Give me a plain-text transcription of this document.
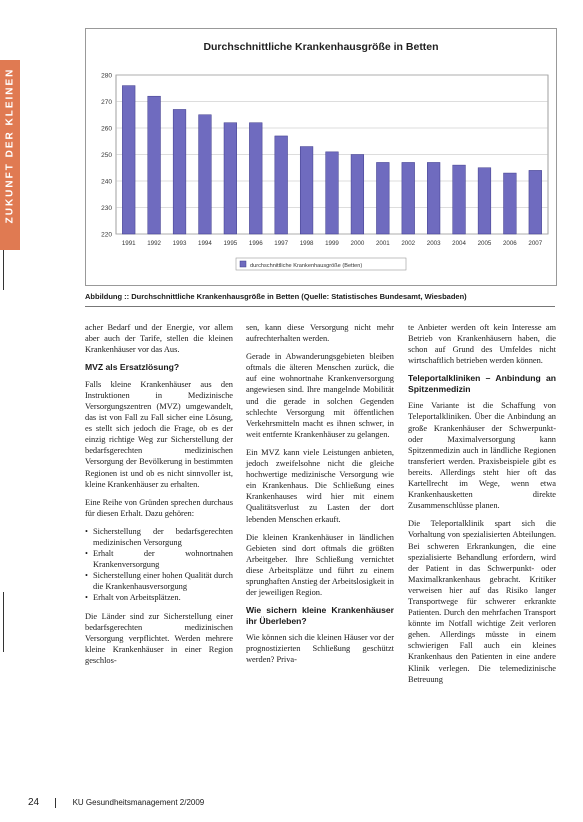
ZUKUNFT DER KLEINEN
Durchschnittliche Krankenhausgröße in Betten
220
230
240
250
260
270
280
1991 1992 1993 1994 1995 1996 1997 1998 1999 2000 2001 2002 2003 2004 2005 2006 2007
durchschnittliche Krankenhausgröße (Betten)
Abbildung :: Durchschnittliche Krankenhausgröße in Betten (Quelle: Statistisches Bundesamt, Wiesbaden)

acher Bedarf und der Energie, vor allem aber auch der Tarife, stellen die kleinen Krankenhäuser vor das Aus.

MVZ als Ersatzlösung?

Falls kleine Krankenhäuser aus den Instruktionen in Medizinische Versorgungszentren (MVZ) umgewandelt, das ist von Fall zu Fall sicher eine Lösung, es stellt sich jedoch die Frage, ob es der einzig richtige Weg zur Sicherstellung der bedarfsgerechten medizinischen Versorgung der Bevölkerung in bestimmten Regionen ist und ob es nicht sinnvoller ist, kleine Krankenhäuser zu erhalten.

Eine Reihe von Gründen sprechen durchaus für diesen Erhalt. Dazu gehören:

• Sicherstellung der bedarfsgerechten medizinischen Versorgung
• Erhalt der wohnortnahen Krankenversorgung
• Sicherstellung einer hohen Qualität durch die Krankenhausversorgung
• Erhalt von Arbeitsplätzen.

Die Länder sind zur Sicherstellung einer bedarfsgerechten medizinischen Versorgung verpflichtet. Werden mehrere kleine Krankenhäuser in einer Region geschlos-

sen, kann diese Versorgung nicht mehr aufrechterhalten werden.

Gerade in Abwanderungsgebieten bleiben oftmals die älteren Menschen zurück, die auf eine wohnortnahe Krankenversorgung angewiesen sind. Ihre mangelnde Mobilität und die gerade in solchen Gegenden schlechte Versorgung mit öffentlichen Verkehrsmitteln macht es ihnen schwer, in weit entfernte Krankenhäuser zu gelangen.

Ein MVZ kann viele Leistungen anbieten, jedoch zweifelsohne nicht die gleiche hochwertige medizinische Versorgung wie ein Krankenhaus. Die Schließung eines Krankenhauses wird hier mit einem Qualitätsverlust zu Lasten der dort lebenden Menschen erkauft.

Die kleinen Krankenhäuser in ländlichen Gebieten sind dort oftmals die größten Arbeitgeber. Ihre Schließung vernichtet diese Arbeitsplätze und führt zu einem sprunghaften Anstieg der Arbeitslosigkeit in der jeweiligen Region.

Wie sichern kleine Krankenhäuser ihr Überleben?

Wie können sich die kleinen Häuser vor der prognostizierten Schließung geschützt werden? Priva-

te Anbieter werden oft kein Interesse am Betrieb von Krankenhäusern haben, die schon auf Grund des Umfeldes nicht wirtschaftlich betrieben werden können.

Teleportalkliniken – Anbindung an Spitzenmedizin

Eine Variante ist die Schaffung von Teleportalkliniken. Über die Anbindung an große Krankenhäuser der Schwerpunkt- oder Maximalversorgung kann Spitzenmedizin auch in ländliche Regionen transferiert werden. Praxisbeispiele gibt es bereits. Allerdings steht hier oft das Kartellrecht im Wege, wenn etwa Krankenhausketten direkte Zusammenschlüsse planen.

Die Teleportalklinik spart sich die Vorhaltung von spezialisierten Abteilungen. Bei schweren Erkrankungen, die eine spezialisierte Behandlung erfordern, wird der Patient in das Schwerpunkt- oder Maximalkrankenhaus gebracht. Kritiker verweisen hier auf das Risiko langer Transportwege für schwerer erkrankte Patienten. Durch den mehrfachen Transport könnte im Notfall wichtige Zeit verloren gehen. Allerdings müsste in einem schwierigen Fall auch ein kleines Krankenhaus den Patienten in eine andere Klinik verlegen. Die telemedizinische Betreuung

24	KU Gesundheitsmanagement 2/2009
